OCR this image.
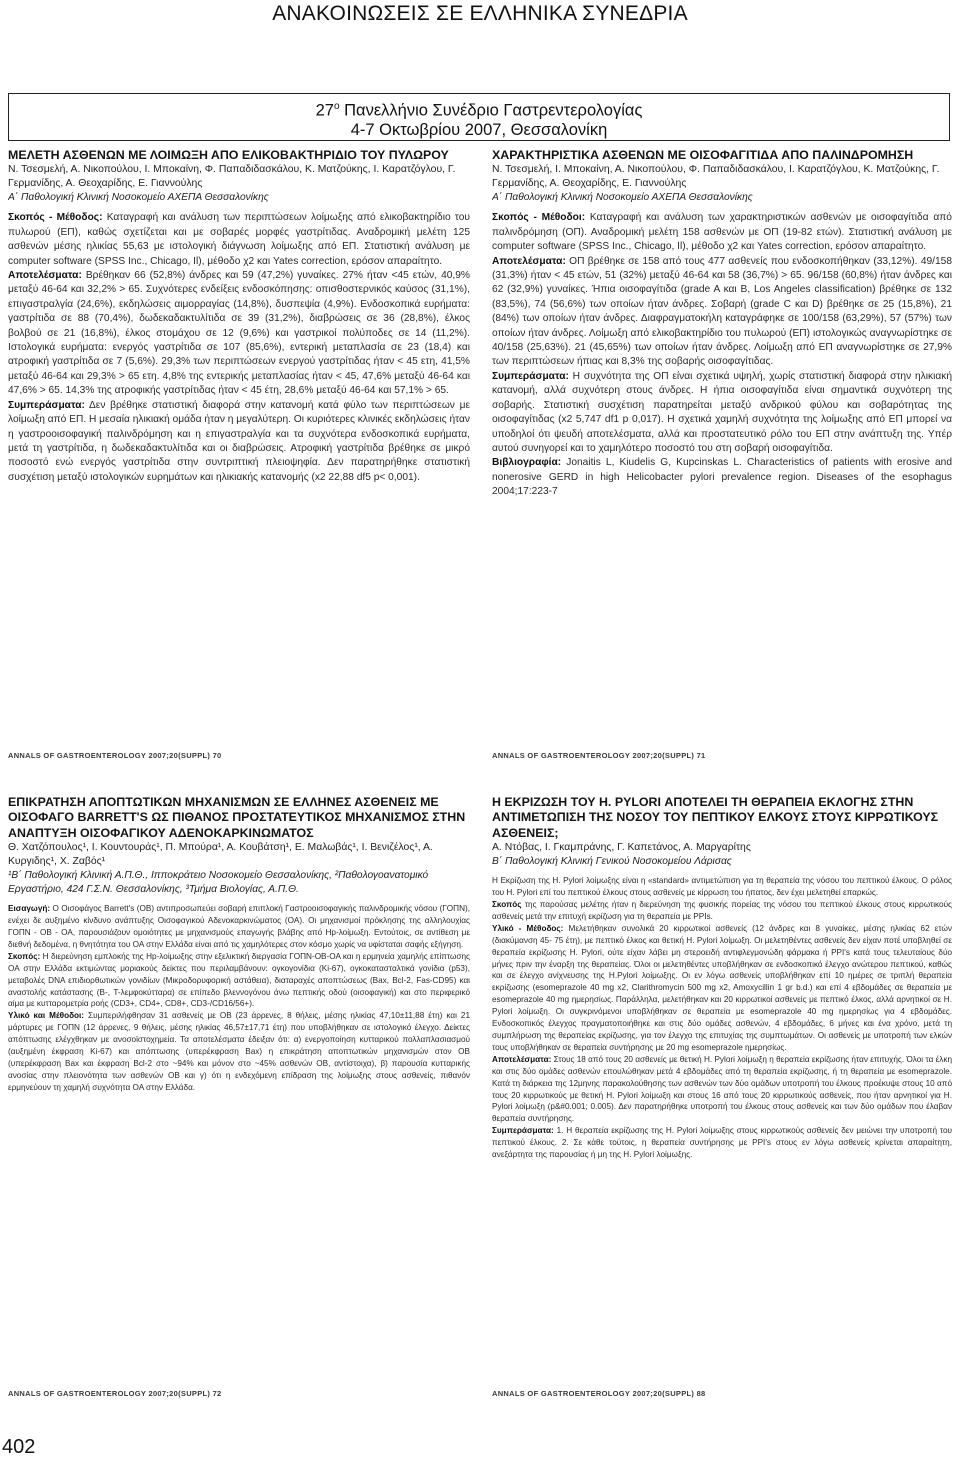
ΑΝΑΚΟΙΝΩΣΕΙΣ ΣΕ ΕΛΛΗΝΙΚΑ ΣΥΝΕΔΡΙΑ
$27^o$ Πανελλήνιο Συνέδριο Γαστρεντερολογίας
4-7 Οκτωβρίου 2007, Θεσσαλονίκη

ΜΕΛΕΤΗ ΑΣΘΕΝΩΝ ΜΕ ΛΟΙΜΩΞΗ ΑΠΟ ΕΛΙΚΟΒΑΚΤΗΡΙΔΙΟ ΤΟΥ ΠΥΛΩΡΟΥ

Ν. Τσεσμελή, Α. Νικοπούλου, Ι. Μποκαίνη, Φ. Παπαδιδασκάλου, Κ. Ματζούκης, Ι. Καρατζόγλου, Γ. Γερμανίδης, Α. Θεοχαρίδης, Ε. Γιαννούλης

Α΄ Παθολογική Κλινική Νοσοκομείο ΑΧΕΠΑ Θεσσαλονίκης

Σκοπός - Μέθοδος: Καταγραφή και ανάλυση των περιπτώσεων λοίμωξης από ελικοβακτηρίδιο του πυλωρού (ΕΠ), καθώς σχετίζεται και με σοβαρές μορφές γαστρίτιδας. Αναδρομική μελέτη 125 ασθενών μέσης ηλικίας 55,63 με ιστολογική διάγνωση λοίμωξης από ΕΠ. Στατιστική ανάλυση με computer software (SPSS Inc., Chicago, Il), μέθοδο χ2 και Yates correction, ερόσον απαραίτητο.

Αποτελέσματα: Βρέθηκαν 66 (52,8%) άνδρες και 59 (47,2%) γυναίκες. 27% ήταν <45 ετών, 40,9% μεταξύ 46-64 και 32,2% > 65. Συχνότερες ενδείξεις ενδοσκόπησης: οπισθοστερνικός καύσος (31,1%), επιγαστραλγία (24,6%), εκδηλώσεις αιμορραγίας (14,8%), δυσπεψία (4,9%). Ενδοσκοπικά ευρήματα: γαστρίτιδα σε 88 (70,4%), δωδεκαδακτυλίτιδα σε 39 (31,2%), διαβρώσεις σε 36 (28,8%), έλκος βολβού σε 21 (16,8%), έλκος στομάχου σε 12 (9,6%) και γαστρικοί πολύποδες σε 14 (11,2%). Ιστολογικά ευρήματα: ενεργός γαστρίτιδα σε 107 (85,6%), εντερική μεταπλασία σε 23 (18,4) και ατροφική γαστρίτιδα σε 7 (5,6%). 29,3% των περιπτώσεων ενεργού γαστρίτιδας ήταν < 45 ετη, 41,5% μεταξύ 46-64 και 29,3% > 65 ετη. 4,8% της εντερικής μεταπλασίας ήταν < 45, 47,6% μεταξύ 46-64 και 47,6% > 65. 14,3% της ατροφικής γαστρίτιδας ήταν < 45 έτη, 28,6% μεταξύ 46-64 και 57,1% > 65.

Συμπεράσματα: Δεν βρέθηκε στατιστική διαφορά στην κατανομή κατά φύλο των περιπτώσεων με λοίμωξη από ΕΠ. Η μεσαία ηλικιακή ομάδα ήταν η μεγαλύτερη. Οι κυριότερες κλινικές εκδηλώσεις ήταν η γαστροοισοφαγική παλινδρόμηση και η επιγαστραλγία και τα συχνότερα ενδοσκοπικά ευρήματα, μετά τη γαστρίτιδα, η δωδεκαδακτυλίτιδα και οι διαβρώσεις. Ατροφική γαστρίτιδα βρέθηκε σε μικρό ποσοστό ενώ ενεργός γαστρίτιδα στην συντριπτική πλειοψηφία. Δεν παρατηρήθηκε στατιστική συσχέτιση μεταξύ ιστολογικών ευρημάτων και ηλικιακής κατανομής (x2 22,88 df5 p< 0,001).

ANNALS OF GASTROENTEROLOGY 2007;20(SUPPL) 70

ΧΑΡΑΚΤΗΡΙΣΤΙΚΑ ΑΣΘΕΝΩΝ ΜΕ ΟΙΣΟΦΑΓΙΤΙΔΑ ΑΠΟ ΠΑΛΙΝΔΡΟΜΗΣΗ

Ν. Τσεσμελή, Ι. Μποκαίνη, Α. Νικοπούλου, Φ. Παπαδιδασκάλου, Ι. Καρατζόγλου, Κ. Ματζούκης, Γ. Γερμανίδης, Α. Θεοχαρίδης, Ε. Γιαννούλης

Α΄ Παθολογική Κλινική Νοσοκομείο ΑΧΕΠΑ Θεσσαλονίκης

Σκοπός - Μέθοδοι: Καταγραφή και ανάλυση των χαρακτηριστικών ασθενών με οισοφαγίτιδα από παλινδρόμηση (ΟΠ). Αναδρομική μελέτη 158 ασθενών με ΟΠ (19-82 ετών). Στατιστική ανάλυση με computer software (SPSS Inc., Chicago, Il), μέθοδο χ2 και Yates correction, ερόσον απαραίτητο.

Αποτελέσματα: ΟΠ βρέθηκε σε 158 από τους 477 ασθενείς που ενδοσκοπήθηκαν (33,12%). 49/158 (31,3%) ήταν < 45 ετών, 51 (32%) μεταξύ 46-64 και 58 (36,7%) > 65. 96/158 (60,8%) ήταν άνδρες και 62 (32,9%) γυναίκες. Ήπια οισοφαγίτιδα (grade A και B, Los Angeles classification) βρέθηκε σε 132 (83,5%), 74 (56,6%) των οποίων ήταν άνδρες. Σοβαρή (grade C και D) βρέθηκε σε 25 (15,8%), 21 (84%) των οποίων ήταν άνδρες. Διαφραγματοκήλη καταγράφηκε σε 100/158 (63,29%), 57 (57%) των οποίων ήταν άνδρες. Λοίμωξη από ελικοβακτηρίδιο του πυλωρού (ΕΠ) ιστολογικώς αναγνωρίστηκε σε 40/158 (25,63%). 21 (45,65%) των οποίων ήταν άνδρες. Λοίμωξη από ΕΠ αναγνωρίστηκε σε 27,9% των περιπτώσεων ήπιας και 8,3% της σοβαρής οισοφαγίτιδας.

Συμπεράσματα: Η συχνότητα της ΟΠ είναι σχετικά υψηλή, χωρίς στατιστική διαφορά στην ηλικιακή κατανομή, αλλά συχνότερη στους άνδρες. Η ήπια οισοφαγίτιδα είναι σημαντικά συχνότερη της σοβαρής. Στατιστική συσχέτιση παρατηρείται μεταξύ ανδρικού φύλου και σοβαρότητας της οισοφαγίτιδας (x2 5,747 df1 p 0,017). Η σχετικά χαμηλή συχνότητα της λοίμωξης από ΕΠ μπορεί να υποδηλοί ότι ψευδή αποτελέσματα, αλλά και προστατευτικό ρόλο του ΕΠ στην ανάπτυξη της. Υπέρ αυτού συνηγορεί και το χαμηλότερο ποσοστό του στη σοβαρή οισοφαγίτιδα.

Βιβλιογραφία: Jonaitis L, Kiudelis G, Kupcinskas L. Characteristics of patients with erosive and nonerosive GERD in high Helicobacter pylori prevalence region. Diseases of the esophagus 2004;17:223-7

ANNALS OF GASTROENTEROLOGY 2007;20(SUPPL) 71

ΕΠΙΚΡΑΤΗΣΗ ΑΠΟΠΤΩΤΙΚΩΝ ΜΗΧΑΝΙΣΜΩΝ ΣΕ ΕΛΛΗΝΕΣ ΑΣΘΕΝΕΙΣ ΜΕ ΟΙΣΟΦΑΓΟ BARRETT'S ΩΣ ΠΙΘΑΝΟΣ ΠΡΟΣΤΑΤΕΥΤΙΚΟΣ ΜΗΧΑΝΙΣΜΟΣ ΣΤΗΝ ΑΝΑΠΤΥΞΗ ΟΙΣΟΦΑΓΙΚΟΥ ΑΔΕΝΟΚΑΡΚΙΝΩΜΑΤΟΣ

Θ. Χατζόπουλος¹, Ι. Κουντουράς¹, Π. Μπούρα¹, Α. Κουβάτση¹, Ε. Μαλωβάς¹, Ι. Βενιζέλος¹, Α. Κυργιδης¹, Χ. Ζαβός¹

¹Β΄ Παθολογική Κλινική Α.Π.Θ., Ιπποκράτειο Νοσοκομείο Θεσσαλονίκης, ²Παθολογοανατομικό Εργαστήριο, 424 Γ.Σ.Ν. Θεσσαλονίκης, ³Τμήμα Βιολογίας, Α.Π.Θ.

Εισαγωγή: Ο Οισοφάγος Barrett's (ΟΒ) αντιπροσωπεύει σοβαρή επιπλοκή Γαστροοισοφαγικής παλινδρομικής νόσου (ΓΟΠΝ), ενέχει δε αυξημένο κίνδυνο ανάπτυξης Οισοφαγικού Αδενοκαρκινώματος (ΟΑ). Οι μηχανισμοί πρόκλησης της αλληλουχίας ΓΟΠΝ - ΟΒ - ΟΑ, παρουσιάζουν ομοιότητες με μηχανισμούς επαγωγής βλάβης από Hp-λοίμωξη. Εντούτοις, σε αντίθεση με διεθνή δεδομένα, η θνητότητα του ΟΑ στην Ελλάδα είναι από τις χαμηλότερες στον κόσμο χωρίς να υφίσταται σαφής εξήγηση.

Σκοπός: Η διερεύνηση εμπλοκής της Hp-λοίμωξης στην εξελικτική διεργασία ΓΟΠΝ-ΟΒ-ΟΑ και η ερμηνεία χαμηλής επίπτωσης ΟΑ στην Ελλάδα εκτιμώντας μοριακούς δείκτες που περιλαμβάνουν: ογκογονίδια (Ki-67), ογκοκατασταλτικά γονίδια (p53), μεταβολές DNA επιδιορθωτικών γονιδίων (Μικροδορυφορική αστάθεια), διαταραχές αποπτώσεως (Bax, Bcl-2, Fas-CD95) και αναστολής κατάστασης (B-, T-λεμφοκύτταρα) σε επίπεδο βλεννογόνου άνω πεπτικής οδού (οισοφαγική) και στο περιφερικό αίμα με κυτταρομετρία ροής (CD3+, CD4+, CD8+, CD3-/CD16/56+).

Υλικό και Μέθοδοι: Συμπεριλήφθησαν 31 ασθενείς με ΟΒ (23 άρρενες, 8 θήλεις, μέσης ηλικίας 47,10±11,88 έτη) και 21 μάρτυρες με ΓΟΠΝ (12 άρρενες, 9 θήλεις, μέσης ηλικίας 46,57±17,71 έτη) που υποβλήθηκαν σε ιστολογικό έλεγχο. Δείκτες απόπτωσης ελέγχθηκαν με ανοσοϊστοχημεία. Τα αποτελέσματα έδειξαν ότι: α) ενεργοποίηση κυτταρικού πολλαπλασιασμού (αυξημένη έκφραση Ki-67) και απόπτωσης (υπερέκφραση Bax) η επικράτηση αποπτωτικών μηχανισμών στον ΟΒ (υπερέκφραση Bax και έκφραση Bcl-2 στο ~94% και μόνον στο ~45% ασθενών ΟΒ, αντίστοιχα), β) παρουσία κυτταρικής ανοσίας στην πλειονότητα των ασθενών ΟΒ και γ) ότι η ενδεχόμενη επίδραση της λοίμωξης στους ασθενείς, πιθανόν ερμηνεύουν τη χαμηλή συχνότητα ΟΑ στην Ελλάδα.

ANNALS OF GASTROENTEROLOGY 2007;20(SUPPL) 72

Η ΕΚΡΙΖΩΣΗ ΤΟΥ H. PYLORI ΑΠΟΤΕΛΕΙ ΤΗ ΘΕΡΑΠΕΙΑ ΕΚΛΟΓΗΣ ΣΤΗΝ ΑΝΤΙΜΕΤΩΠΙΣΗ ΤΗΣ ΝΟΣΟΥ ΤΟΥ ΠΕΠΤΙΚΟΥ ΕΛΚΟΥΣ ΣΤΟΥΣ ΚΙΡΡΩΤΙΚΟΥΣ ΑΣΘΕΝΕΙΣ;

Α. Ντόβας, Ι. Γκαμπράνης, Γ. Καπετάνος, Α. Μαργαρίτης

Β΄ Παθολογική Κλινική Γενικού Νοσοκομείου Λάρισας

Η Εκρίζωση της H. Pylori λοίμωξης είναι η «standard» αντιμετώπιση για τη θεραπεία της νόσου του πεπτικού έλκους. Ο ρόλος του H. Pylori επί του πεπτικού έλκους στους ασθενείς με κίρρωση του ήπατος, δεν έχει μελετηθεί επαρκώς.

Σκοπός της παρούσας μελέτης ήταν η διερεύνηση της φυσικής πορείας της νόσου του πεπτικού έλκους στους κιρρωτικούς ασθενείς μετά την επιτυχή εκρίζωση για τη θεραπεία με PPIs.

Υλικό - Μέθοδος: Μελετήθηκαν συνολικά 20 κιρρωτικοί ασθενείς (12 άνδρες και 8 γυναίκες, μέσης ηλικίας 62 ετών (διακύμανση 45- 75 έτη), με πεπτικό έλκος και θετική H. Pylori λοίμωξη. Οι μελετηθέντες ασθενείς δεν είχαν ποτέ υποβληθεί σε θεραπεία εκρίζωσης H. Pylori, ούτε είχαν λάβει μη στεροειδή αντιφλεγμονώδη φάρμακα ή PPI's κατά τους τελευταίους δύο μήνες πριν την έναρξη της θεραπείας. Όλοι οι μελετηθέντες υποβλήθηκαν σε ενδοσκοπικό έλεγχο ανώτερου πεπτικού, καθώς και σε έλεγχο ανίχνευσης της H.Pylori λοίμωξης. Οι εν λόγω ασθενείς υποβλήθηκαν επί 10 ημέρες σε τριπλή θεραπεία εκρίζωσης (esomeprazole 40 mg x2, Clarithromycin 500 mg x2, Amoxycillin 1 gr b.d.) και επί 4 εβδομάδες σε θεραπεία με esomeprazole 40 mg ημερησίως. Παράλληλα, μελετήθηκαν και 20 κιρρωτικοί ασθενείς με πεπτικό έλκος, αλλά αρνητικοί σε H. Pylori λοίμωξη. Οι συγκρινόμενοι υποβλήθηκαν σε θεραπεία με esomeprazole 40 mg ημερησίως για 4 εβδομάδες. Ενδοσκοπικός έλεγχος πραγματοποιήθηκε και στις δύο ομάδες ασθενών, 4 εβδομάδες, 6 μήνες και ένα χρόνο, μετά τη συμπλήρωση της θεραπείας εκρίζωσης, για τον έλεγχο της επιτυχίας της συμπτωμάτων. Οι ασθενείς με υποτροπή των ελκών τους υποβλήθηκαν σε θεραπεία συντήρησης με 20 mg esomeprazole ημερησίως.

Αποτελέσματα: Στους 18 από τους 20 ασθενείς με θετική H. Pylori λοίμωξη η θεραπεία εκρίζωσης ήταν επιτυχής. Όλοι τα έλκη και στις δύο ομάδες ασθενών επουλώθηκαν μετά 4 εβδομάδες από τη θεραπεία εκρίζωσης, ή τη θεραπεία με esomeprazole. Κατά τη διάρκεια της 12μηνης παρακολούθησης των ασθενών των δύο ομάδων υποτροπή του έλκους προέκυψε στους 10 από τους 20 κιρρωτικούς με θετική H. Pylori λοίμωξη και στους 16 από τους 20 κιρρωτικούς ασθενείς, που ήταν αρνητικοί για H. Pylori λοίμωξη (p&#0.001; 0.005). Δεν παρατηρήθηκε υποτροπή του έλκους στους ασθενείς και των δύο ομάδων που έλαβαν θεραπεία συντήρησης.

Συμπεράσματα: 1. Η θεραπεία εκρίζωσης της H. Pylori λοίμωξης στους κιρρωτικούς ασθενείς δεν μειώνει την υποτροπή του πεπτικού έλκους. 2. Σε κάθε τούτοις, η θεραπεία συντήρησης με PPI's στους εν λόγω ασθενείς κρίνεται απαραίτητη, ανεξάρτητα της παρουσίας ή μη της H. Pylori λοίμωξης.

ANNALS OF GASTROENTEROLOGY 2007;20(SUPPL) 88
402
